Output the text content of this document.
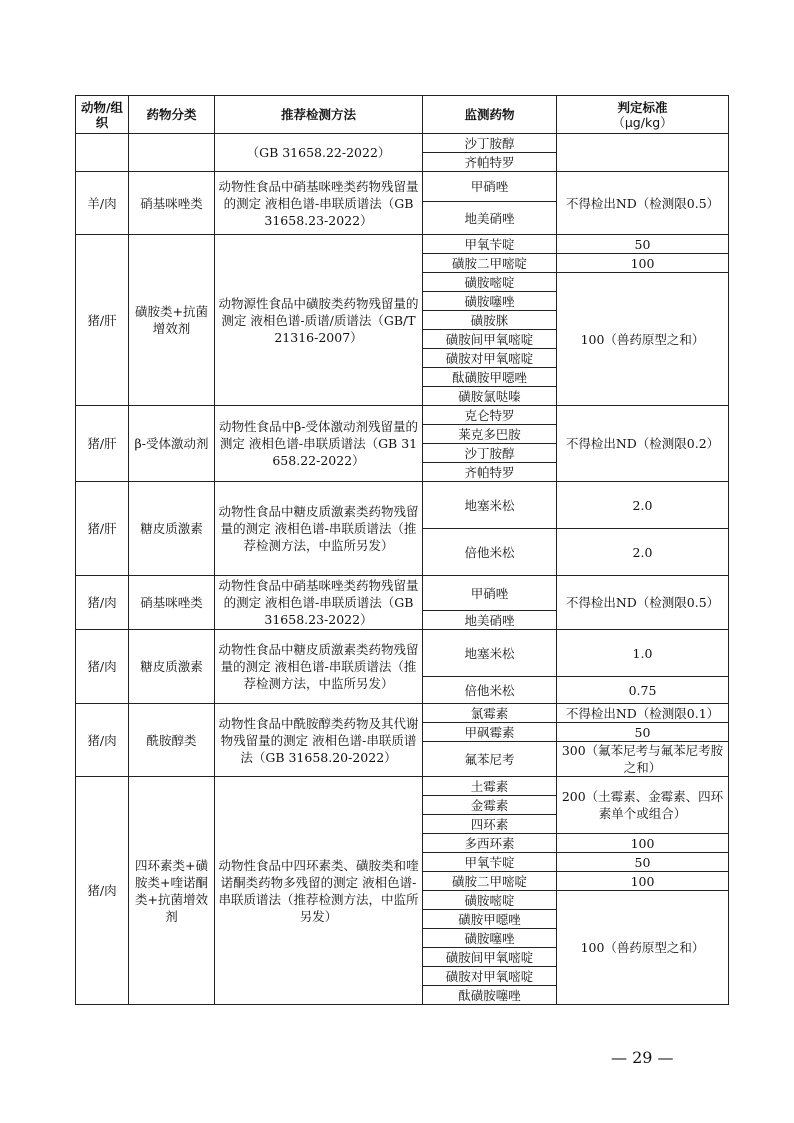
动物/组织	药物分类	推荐检测方法	监测药物	判定标准
（μg/kg）
		（GB 31658.22-2022）	沙丁胺醇	
			齐帕特罗	
羊/肉	硝基咪唑类	动物性食品中硝基咪唑类药物残留量的测定 液相色谱-串联质谱法（GB 31658.23-2022）	甲硝唑	不得检出ND（检测限0.5）
			地美硝唑	
猪/肝	磺胺类+抗菌增效剂	动物源性食品中磺胺类药物残留量的测定 液相色谱-质谱/质谱法（GB/T 21316-2007）	甲氧苄啶	50
			磺胺二甲嘧啶	100
			磺胺嘧啶	100（兽药原型之和）
			磺胺噻唑	
			磺胺脒	
			磺胺间甲氧嘧啶	
			磺胺对甲氧嘧啶	
			酞磺胺甲噁唑	
			磺胺氯哒嗪	
猪/肝	β-受体激动剂	动物性食品中β-受体激动剂残留量的测定 液相色谱-串联质谱法（GB 31658.22-2022）	克仑特罗	不得检出ND（检测限0.2）
			莱克多巴胺	
			沙丁胺醇	
			齐帕特罗	
猪/肝	糖皮质激素	动物性食品中糖皮质激素类药物残留量的测定 液相色谱-串联质谱法（推荐检测方法，中监所另发）	地塞米松	2.0
			倍他米松	2.0
猪/肉	硝基咪唑类	动物性食品中硝基咪唑类药物残留量的测定 液相色谱-串联质谱法（GB 31658.23-2022）	甲硝唑	不得检出ND（检测限0.5）
			地美硝唑	
猪/肉	糖皮质激素	动物性食品中糖皮质激素类药物残留量的测定 液相色谱-串联质谱法（推荐检测方法，中监所另发）	地塞米松	1.0
			倍他米松	0.75
猪/肉	酰胺醇类	动物性食品中酰胺醇类药物及其代谢物残留量的测定 液相色谱-串联质谱法（GB 31658.20-2022）	氯霉素	不得检出ND（检测限0.1）
			甲砜霉素	50
			氟苯尼考	300（氟苯尼考与氟苯尼考胺之和）
猪/肉	四环素类+磺胺类+喹诺酮类+抗菌增效剂	动物性食品中四环素类、磺胺类和喹诺酮类药物多残留的测定 液相色谱-串联质谱法（推荐检测方法，中监所另发）	土霉素	200（土霉素、金霉素、四环素单个或组合）
			金霉素	
			四环素	
			多西环素	100
			甲氧苄啶	50
			磺胺二甲嘧啶	100
			磺胺嘧啶	100（兽药原型之和）
			磺胺甲噁唑	
			磺胺噻唑	
			磺胺间甲氧嘧啶	
			磺胺对甲氧嘧啶	
			酞磺胺噻唑	
— 29 —
